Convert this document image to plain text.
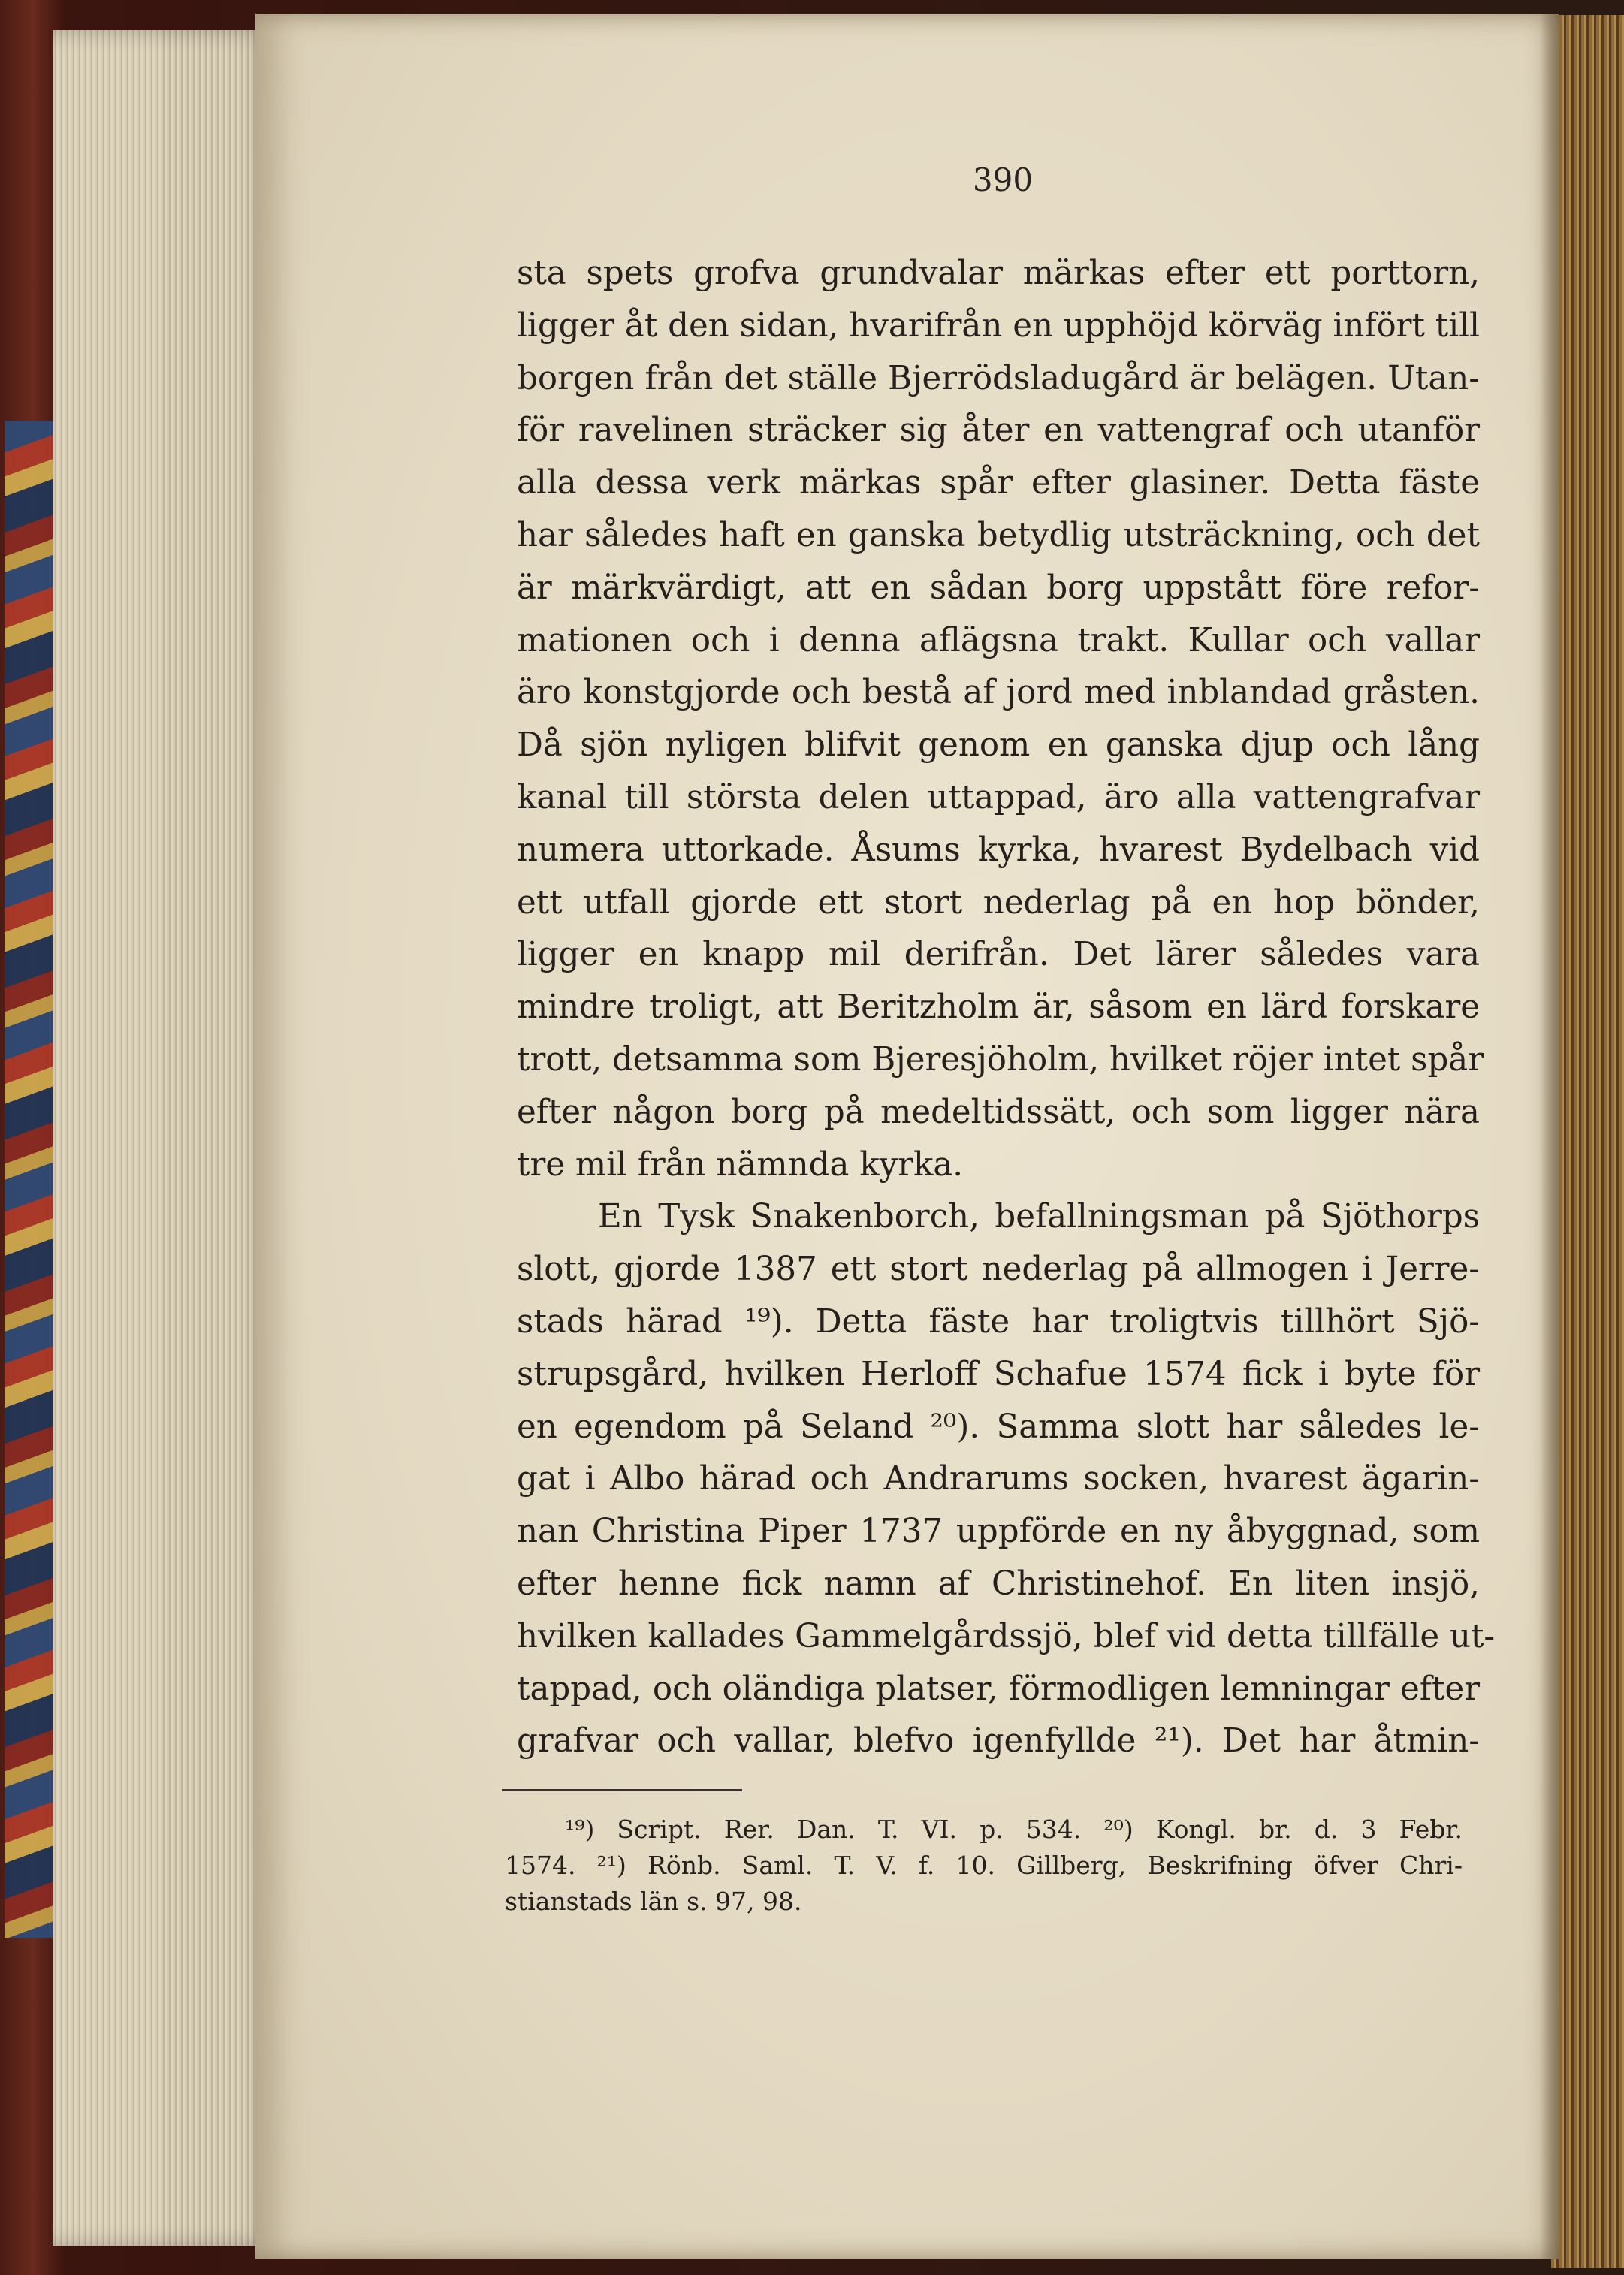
390
sta spets grofva grundvalar märkas efter ett porttorn,
ligger åt den sidan, hvarifrån en upphöjd körväg infört till
borgen från det ställe Bjerrödsladugård är belägen. Utan-
för ravelinen sträcker sig åter en vattengraf och utanför
alla dessa verk märkas spår efter glasiner. Detta fäste
har således haft en ganska betydlig utsträckning, och det
är märkvärdigt, att en sådan borg uppstått före refor-
mationen och i denna aflägsna trakt. Kullar och vallar
äro konstgjorde och bestå af jord med inblandad gråsten.
Då sjön nyligen blifvit genom en ganska djup och lång
kanal till största delen uttappad, äro alla vattengrafvar
numera uttorkade. Åsums kyrka, hvarest Bydelbach vid
ett utfall gjorde ett stort nederlag på en hop bönder,
ligger en knapp mil derifrån. Det lärer således vara
mindre troligt, att Beritzholm är, såsom en lärd forskare
trott, detsamma som Bjeresjöholm, hvilket röjer intet spår
efter någon borg på medeltidssätt, och som ligger nära
tre mil från nämnda kyrka.
En Tysk Snakenborch, befallningsman på Sjöthorps
slott, gjorde 1387 ett stort nederlag på allmogen i Jerre-
stads härad ¹⁹). Detta fäste har troligtvis tillhört Sjö-
strupsgård, hvilken Herloff Schafue 1574 fick i byte för
en egendom på Seland ²⁰). Samma slott har således le-
gat i Albo härad och Andrarums socken, hvarest ägarin-
nan Christina Piper 1737 uppförde en ny åbyggnad, som
efter henne fick namn af Christinehof. En liten insjö,
hvilken kallades Gammelgårdssjö, blef vid detta tillfälle ut-
tappad, och oländiga platser, förmodligen lemningar efter
grafvar och vallar, blefvo igenfyllde ²¹). Det har åtmin-
¹⁹) Script. Rer. Dan. T. VI. p. 534. ²⁰) Kongl. br. d. 3 Febr.
1574. ²¹) Rönb. Saml. T. V. f. 10. Gillberg, Beskrifning öfver Chri-
stianstads län s. 97, 98.
